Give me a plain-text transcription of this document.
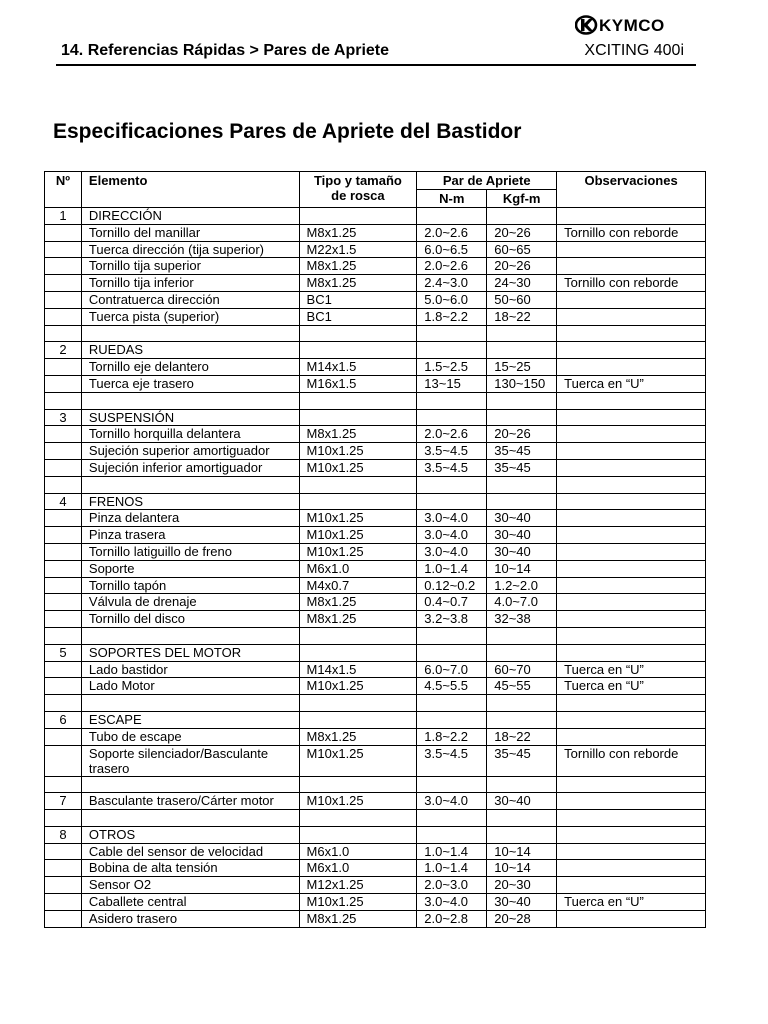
KYMCO
14. Referencias Rápidas > Pares de Apriete	XCITING 400i
Especificaciones Pares de Apriete del Bastidor
Nº	Elemento	Tipo y tamaño
de rosca	Par de Apriete		Observaciones
			N-m	Kgf-m	
1	DIRECCIÓN				
	Tornillo del manillar	M8x1.25	2.0~2.6	20~26	Tornillo con reborde
	Tuerca dirección (tija superior)	M22x1.5	6.0~6.5	60~65	
	Tornillo tija superior	M8x1.25	2.0~2.6	20~26	
	Tornillo tija inferior	M8x1.25	2.4~3.0	24~30	Tornillo con reborde
	Contratuerca dirección	BC1	5.0~6.0	50~60	
	Tuerca pista (superior)	BC1	1.8~2.2	18~22	

2	RUEDAS				
	Tornillo eje delantero	M14x1.5	1.5~2.5	15~25	
	Tuerca eje trasero	M16x1.5	13~15	130~150	Tuerca en “U”

3	SUSPENSIÓN				
	Tornillo horquilla delantera	M8x1.25	2.0~2.6	20~26	
	Sujeción superior amortiguador	M10x1.25	3.5~4.5	35~45	
	Sujeción inferior amortiguador	M10x1.25	3.5~4.5	35~45	

4	FRENOS				
	Pinza delantera	M10x1.25	3.0~4.0	30~40	
	Pinza trasera	M10x1.25	3.0~4.0	30~40	
	Tornillo latiguillo de freno	M10x1.25	3.0~4.0	30~40	
	Soporte	M6x1.0	1.0~1.4	10~14	
	Tornillo tapón	M4x0.7	0.12~0.2	1.2~2.0	
	Válvula de drenaje	M8x1.25	0.4~0.7	4.0~7.0	
	Tornillo del disco	M8x1.25	3.2~3.8	32~38	

5	SOPORTES DEL MOTOR				
	Lado bastidor	M14x1.5	6.0~7.0	60~70	Tuerca en “U”
	Lado Motor	M10x1.25	4.5~5.5	45~55	Tuerca en “U”

6	ESCAPE				
	Tubo de escape	M8x1.25	1.8~2.2	18~22	
	Soporte silenciador/Basculante
trasero	M10x1.25	3.5~4.5	35~45	Tornillo con reborde

7	Basculante trasero/Cárter motor	M10x1.25	3.0~4.0	30~40	

8	OTROS				
	Cable del sensor de velocidad	M6x1.0	1.0~1.4	10~14	
	Bobina de alta tensión	M6x1.0	1.0~1.4	10~14	
	Sensor O2	M12x1.25	2.0~3.0	20~30	
	Caballete central	M10x1.25	3.0~4.0	30~40	Tuerca en “U”
	Asidero trasero	M8x1.25	2.0~2.8	20~28	
